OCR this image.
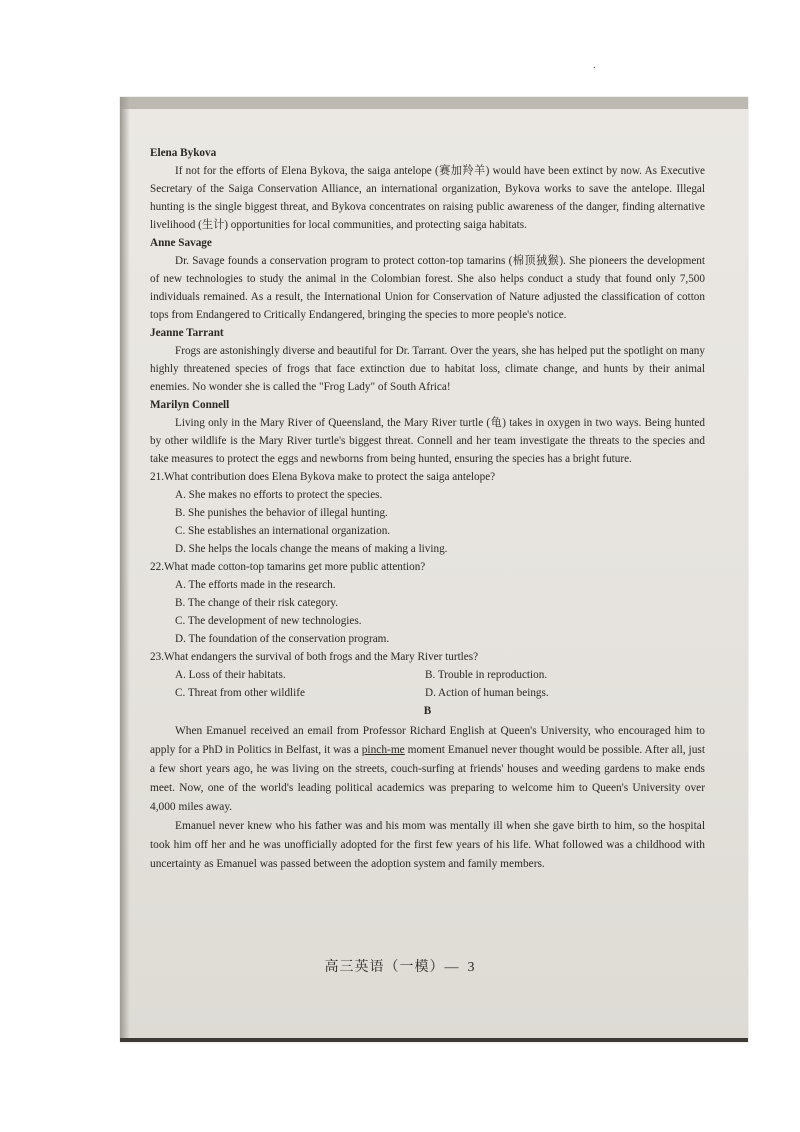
.

Elena Bykova

If not for the efforts of Elena Bykova, the saiga antelope (赛加羚羊) would have been extinct by now. As Executive Secretary of the Saiga Conservation Alliance, an international organization, Bykova works to save the antelope. Illegal hunting is the single biggest threat, and Bykova concentrates on raising public awareness of the danger, finding alternative livelihood (生计) opportunities for local communities, and protecting saiga habitats.

Anne Savage

Dr. Savage founds a conservation program to protect cotton-top tamarins (棉顶狨猴). She pioneers the development of new technologies to study the animal in the Colombian forest. She also helps conduct a study that found only 7,500 individuals remained. As a result, the International Union for Conservation of Nature adjusted the classification of cotton tops from Endangered to Critically Endangered, bringing the species to more people's notice.

Jeanne Tarrant

Frogs are astonishingly diverse and beautiful for Dr. Tarrant. Over the years, she has helped put the spotlight on many highly threatened species of frogs that face extinction due to habitat loss, climate change, and hunts by their animal enemies. No wonder she is called the "Frog Lady" of South Africa!

Marilyn Connell

Living only in the Mary River of Queensland, the Mary River turtle (龟) takes in oxygen in two ways. Being hunted by other wildlife is the Mary River turtle's biggest threat. Connell and her team investigate the threats to the species and take measures to protect the eggs and newborns from being hunted, ensuring the species has a bright future.

21.What contribution does Elena Bykova make to protect the saiga antelope?

A. She makes no efforts to protect the species.

B. She punishes the behavior of illegal hunting.

C. She establishes an international organization.

D. She helps the locals change the means of making a living.

22.What made cotton-top tamarins get more public attention?

A. The efforts made in the research.

B. The change of their risk category.

C. The development of new technologies.

D. The foundation of the conservation program.

23.What endangers the survival of both frogs and the Mary River turtles?

A. Loss of their habitats.	B. Trouble in reproduction.
C. Threat from other wildlife	D. Action of human beings.

B

When Emanuel received an email from Professor Richard English at Queen's University, who encouraged him to apply for a PhD in Politics in Belfast, it was a pinch-me moment Emanuel never thought would be possible. After all, just a few short years ago, he was living on the streets, couch-surfing at friends' houses and weeding gardens to make ends meet. Now, one of the world's leading political academics was preparing to welcome him to Queen's University over 4,000 miles away.

Emanuel never knew who his father was and his mom was mentally ill when she gave birth to him, so the hospital took him off her and he was unofficially adopted for the first few years of his life. What followed was a childhood with uncertainty as Emanuel was passed between the adoption system and family members.

高三英语（一模）— 3
